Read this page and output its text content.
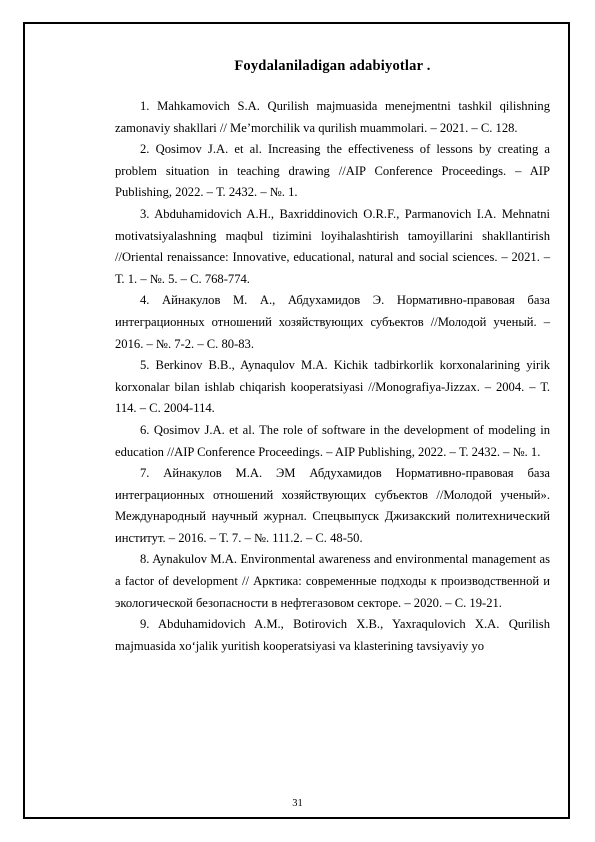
Foydalaniladigan adabiyotlar .
1. Mahkamovich S.A. Qurilish majmuasida menejmentni tashkil qilishning zamonaviy shakllari // Me’morchilik va qurilish muammolari. – 2021. – С. 128.
2. Qosimov J.A. et al. Increasing the effectiveness of lessons by creating a problem situation in teaching drawing //AIP Conference Proceedings. – AIP Publishing, 2022. – Т. 2432. – №. 1.
3. Abduhamidovich A.H., Baxriddinovich O.R.F., Parmanovich I.A. Mehnatni motivatsiyalashning maqbul tizimini loyihalashtirish tamoyillarini shakllantirish //Oriental renaissance: Innovative, educational, natural and social sciences. – 2021. – Т. 1. – №. 5. – С. 768-774.
4. Айнакулов М. А., Абдухамидов Э. Нормативно-правовая база интеграционных отношений хозяйствующих субъектов //Молодой ученый. – 2016. – №. 7-2. – С. 80-83.
5. Berkinov B.B., Aynaqulov M.A. Kichik tadbirkorlik korxonalarining yirik korxonalar bilan ishlab chiqarish kooperatsiyasi //Monografiya-Jizzax. – 2004. – Т. 114. – С. 2004-114.
6. Qosimov J.A. et al. The role of software in the development of modeling in education //AIP Conference Proceedings. – AIP Publishing, 2022. – Т. 2432. – №. 1.
7. Айнакулов М.А. ЭМ Абдухамидов Нормативно-правовая база интеграционных отношений хозяйствующих субъектов //Молодой ученый». Международный научный журнал. Спецвыпуск Джизакский политехнический институт. – 2016. – Т. 7. – №. 111.2. – С. 48-50.
8. Aynakulov M.A. Environmental awareness and environmental management as a factor of development // Арктика: современные подходы к производственной и экологической безопасности в нефтегазовом секторе. – 2020. – С. 19-21.
9. Abduhamidovich A.M., Botirovich X.B., Yaxraqulovich X.A. Qurilish majmuasida xo‘jalik yuritish kooperatsiyasi va klasterining tavsiyaviy yo
31
